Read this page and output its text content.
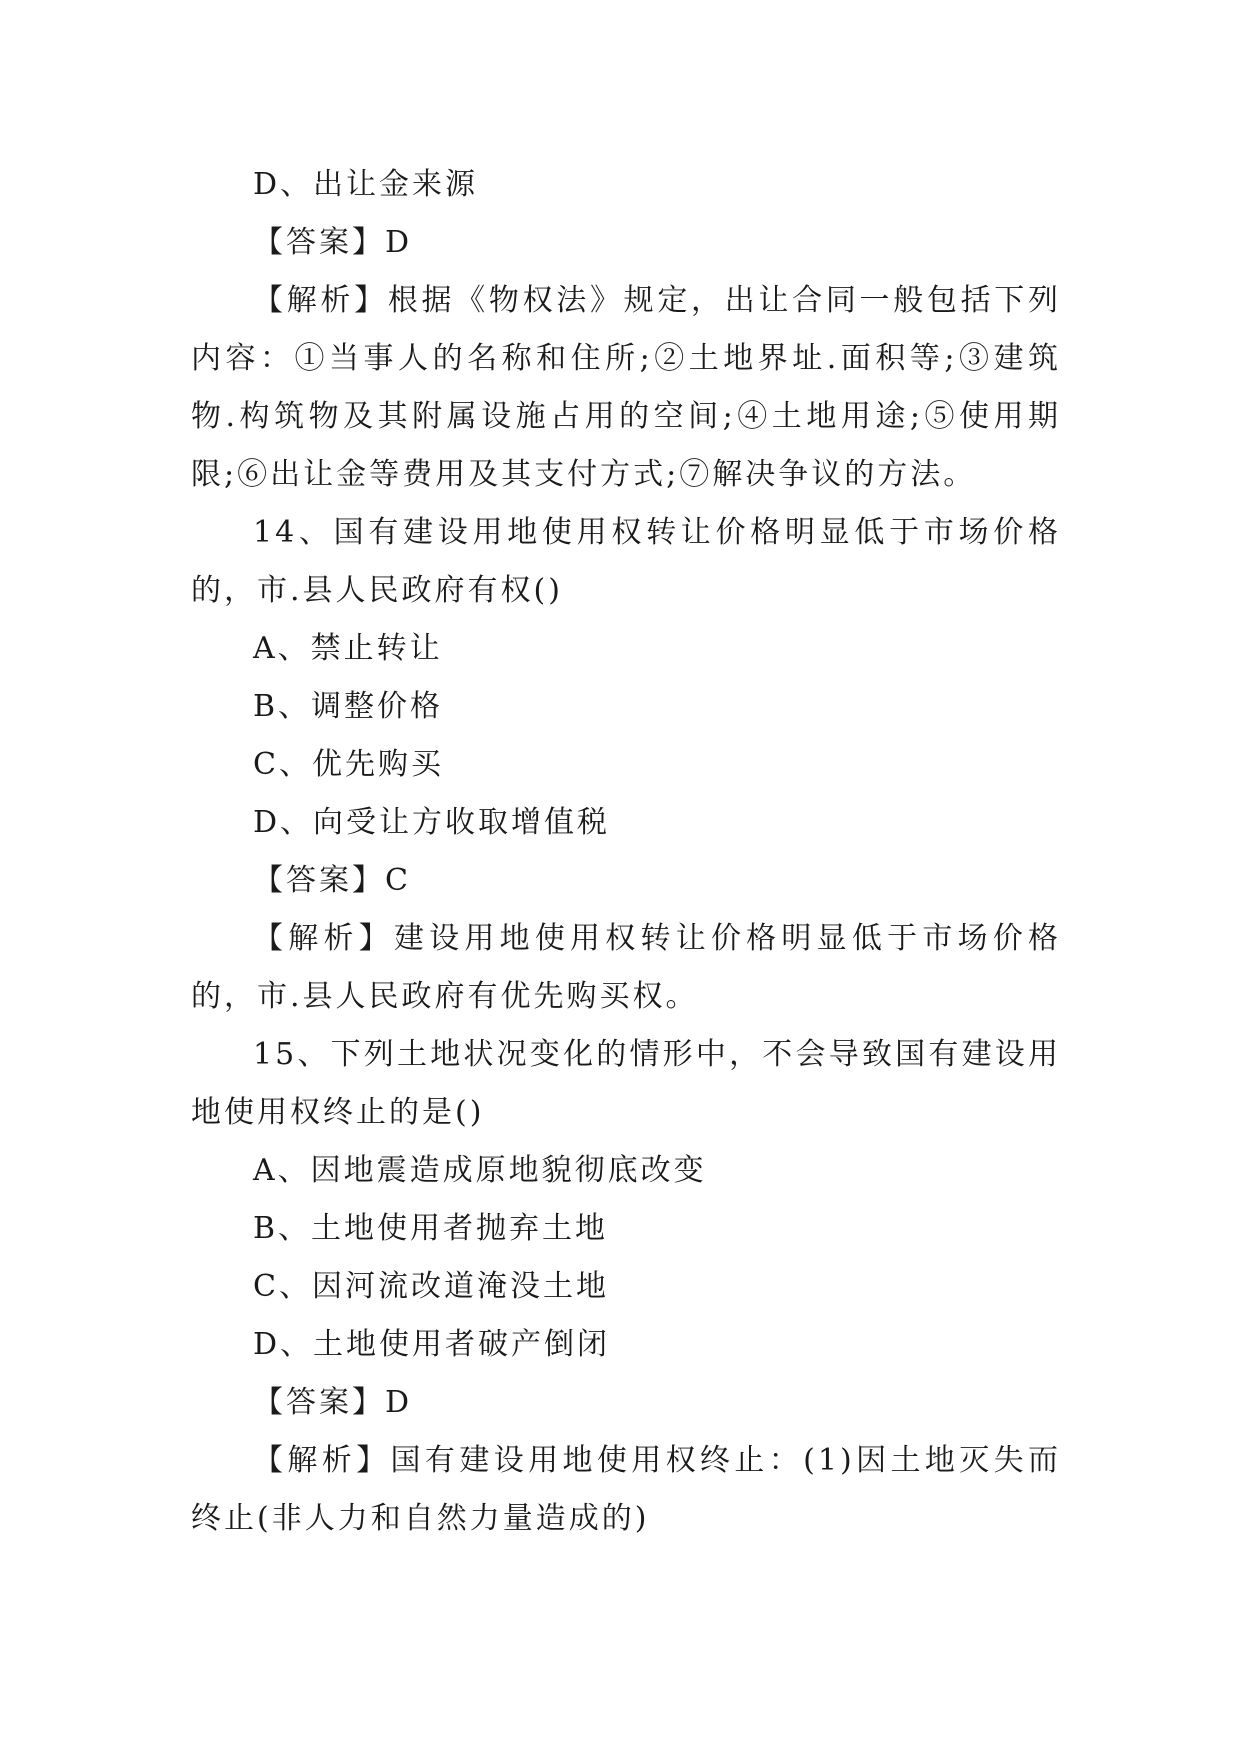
D、出让金来源

【答案】D

【解析】根据《物权法》规定，出让合同一般包括下列内容：①当事人的名称和住所;②土地界址.面积等;③建筑物.构筑物及其附属设施占用的空间;④土地用途;⑤使用期限;⑥出让金等费用及其支付方式;⑦解决争议的方法。

14、国有建设用地使用权转让价格明显低于市场价格的，市.县人民政府有权()

A、禁止转让

B、调整价格

C、优先购买

D、向受让方收取增值税

【答案】C

【解析】建设用地使用权转让价格明显低于市场价格的，市.县人民政府有优先购买权。

15、下列土地状况变化的情形中，不会导致国有建设用地使用权终止的是()

A、因地震造成原地貌彻底改变

B、土地使用者抛弃土地

C、因河流改道淹没土地

D、土地使用者破产倒闭

【答案】D

【解析】国有建设用地使用权终止：(1)因土地灭失而终止(非人力和自然力量造成的)
